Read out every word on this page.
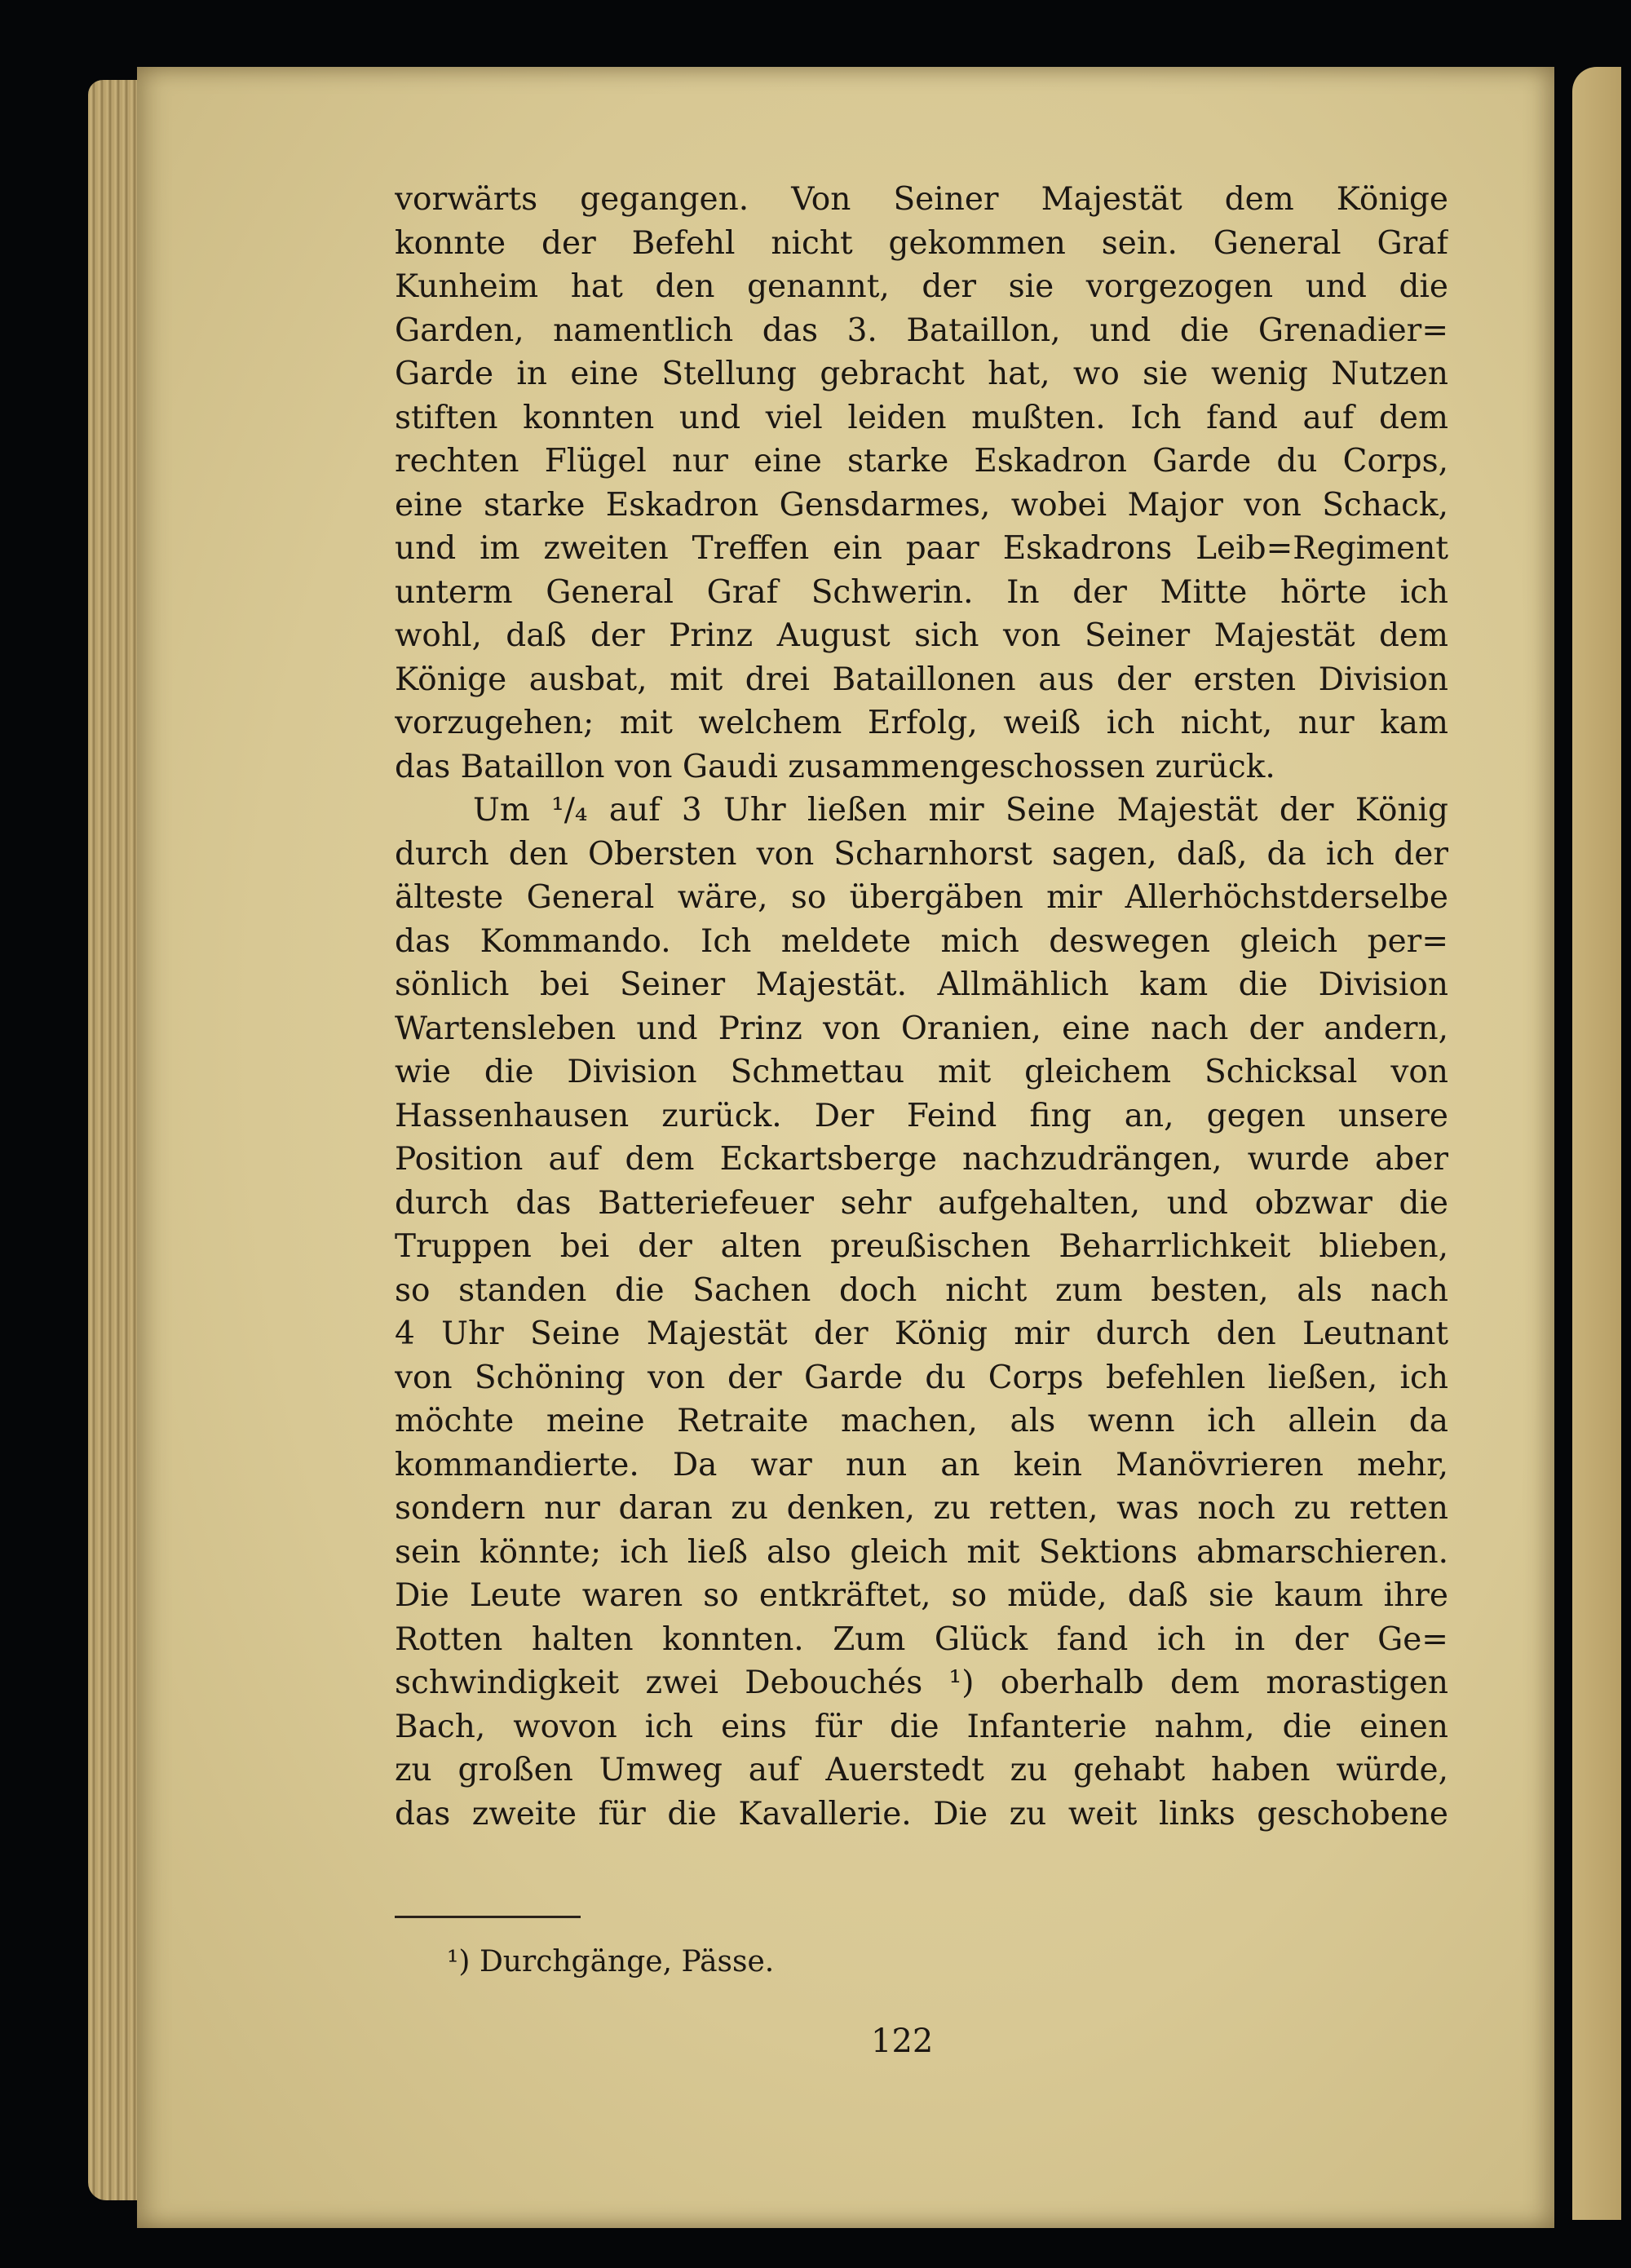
vorwärts gegangen. Von Seiner Majestät dem Könige
konnte der Befehl nicht gekommen sein. General Graf
Kunheim hat den genannt, der sie vorgezogen und die
Garden, namentlich das 3. Bataillon, und die Grenadier=
Garde in eine Stellung gebracht hat, wo sie wenig Nutzen
stiften konnten und viel leiden mußten. Ich fand auf dem
rechten Flügel nur eine starke Eskadron Garde du Corps,
eine starke Eskadron Gensdarmes, wobei Major von Schack,
und im zweiten Treffen ein paar Eskadrons Leib=Regiment
unterm General Graf Schwerin. In der Mitte hörte ich
wohl, daß der Prinz August sich von Seiner Majestät dem
Könige ausbat, mit drei Bataillonen aus der ersten Division
vorzugehen; mit welchem Erfolg, weiß ich nicht, nur kam
das Bataillon von Gaudi zusammengeschossen zurück.
Um ¹/₄ auf 3 Uhr ließen mir Seine Majestät der König
durch den Obersten von Scharnhorst sagen, daß, da ich der
älteste General wäre, so übergäben mir Allerhöchstderselbe
das Kommando. Ich meldete mich deswegen gleich per=
sönlich bei Seiner Majestät. Allmählich kam die Division
Wartensleben und Prinz von Oranien, eine nach der andern,
wie die Division Schmettau mit gleichem Schicksal von
Hassenhausen zurück. Der Feind fing an, gegen unsere
Position auf dem Eckartsberge nachzudrängen, wurde aber
durch das Batteriefeuer sehr aufgehalten, und obzwar die
Truppen bei der alten preußischen Beharrlichkeit blieben,
so standen die Sachen doch nicht zum besten, als nach
4 Uhr Seine Majestät der König mir durch den Leutnant
von Schöning von der Garde du Corps befehlen ließen, ich
möchte meine Retraite machen, als wenn ich allein da
kommandierte. Da war nun an kein Manövrieren mehr,
sondern nur daran zu denken, zu retten, was noch zu retten
sein könnte; ich ließ also gleich mit Sektions abmarschieren.
Die Leute waren so entkräftet, so müde, daß sie kaum ihre
Rotten halten konnten. Zum Glück fand ich in der Ge=
schwindigkeit zwei Debouchés ¹) oberhalb dem morastigen
Bach, wovon ich eins für die Infanterie nahm, die einen
zu großen Umweg auf Auerstedt zu gehabt haben würde,
das zweite für die Kavallerie. Die zu weit links geschobene
¹) Durchgänge, Pässe.
122
